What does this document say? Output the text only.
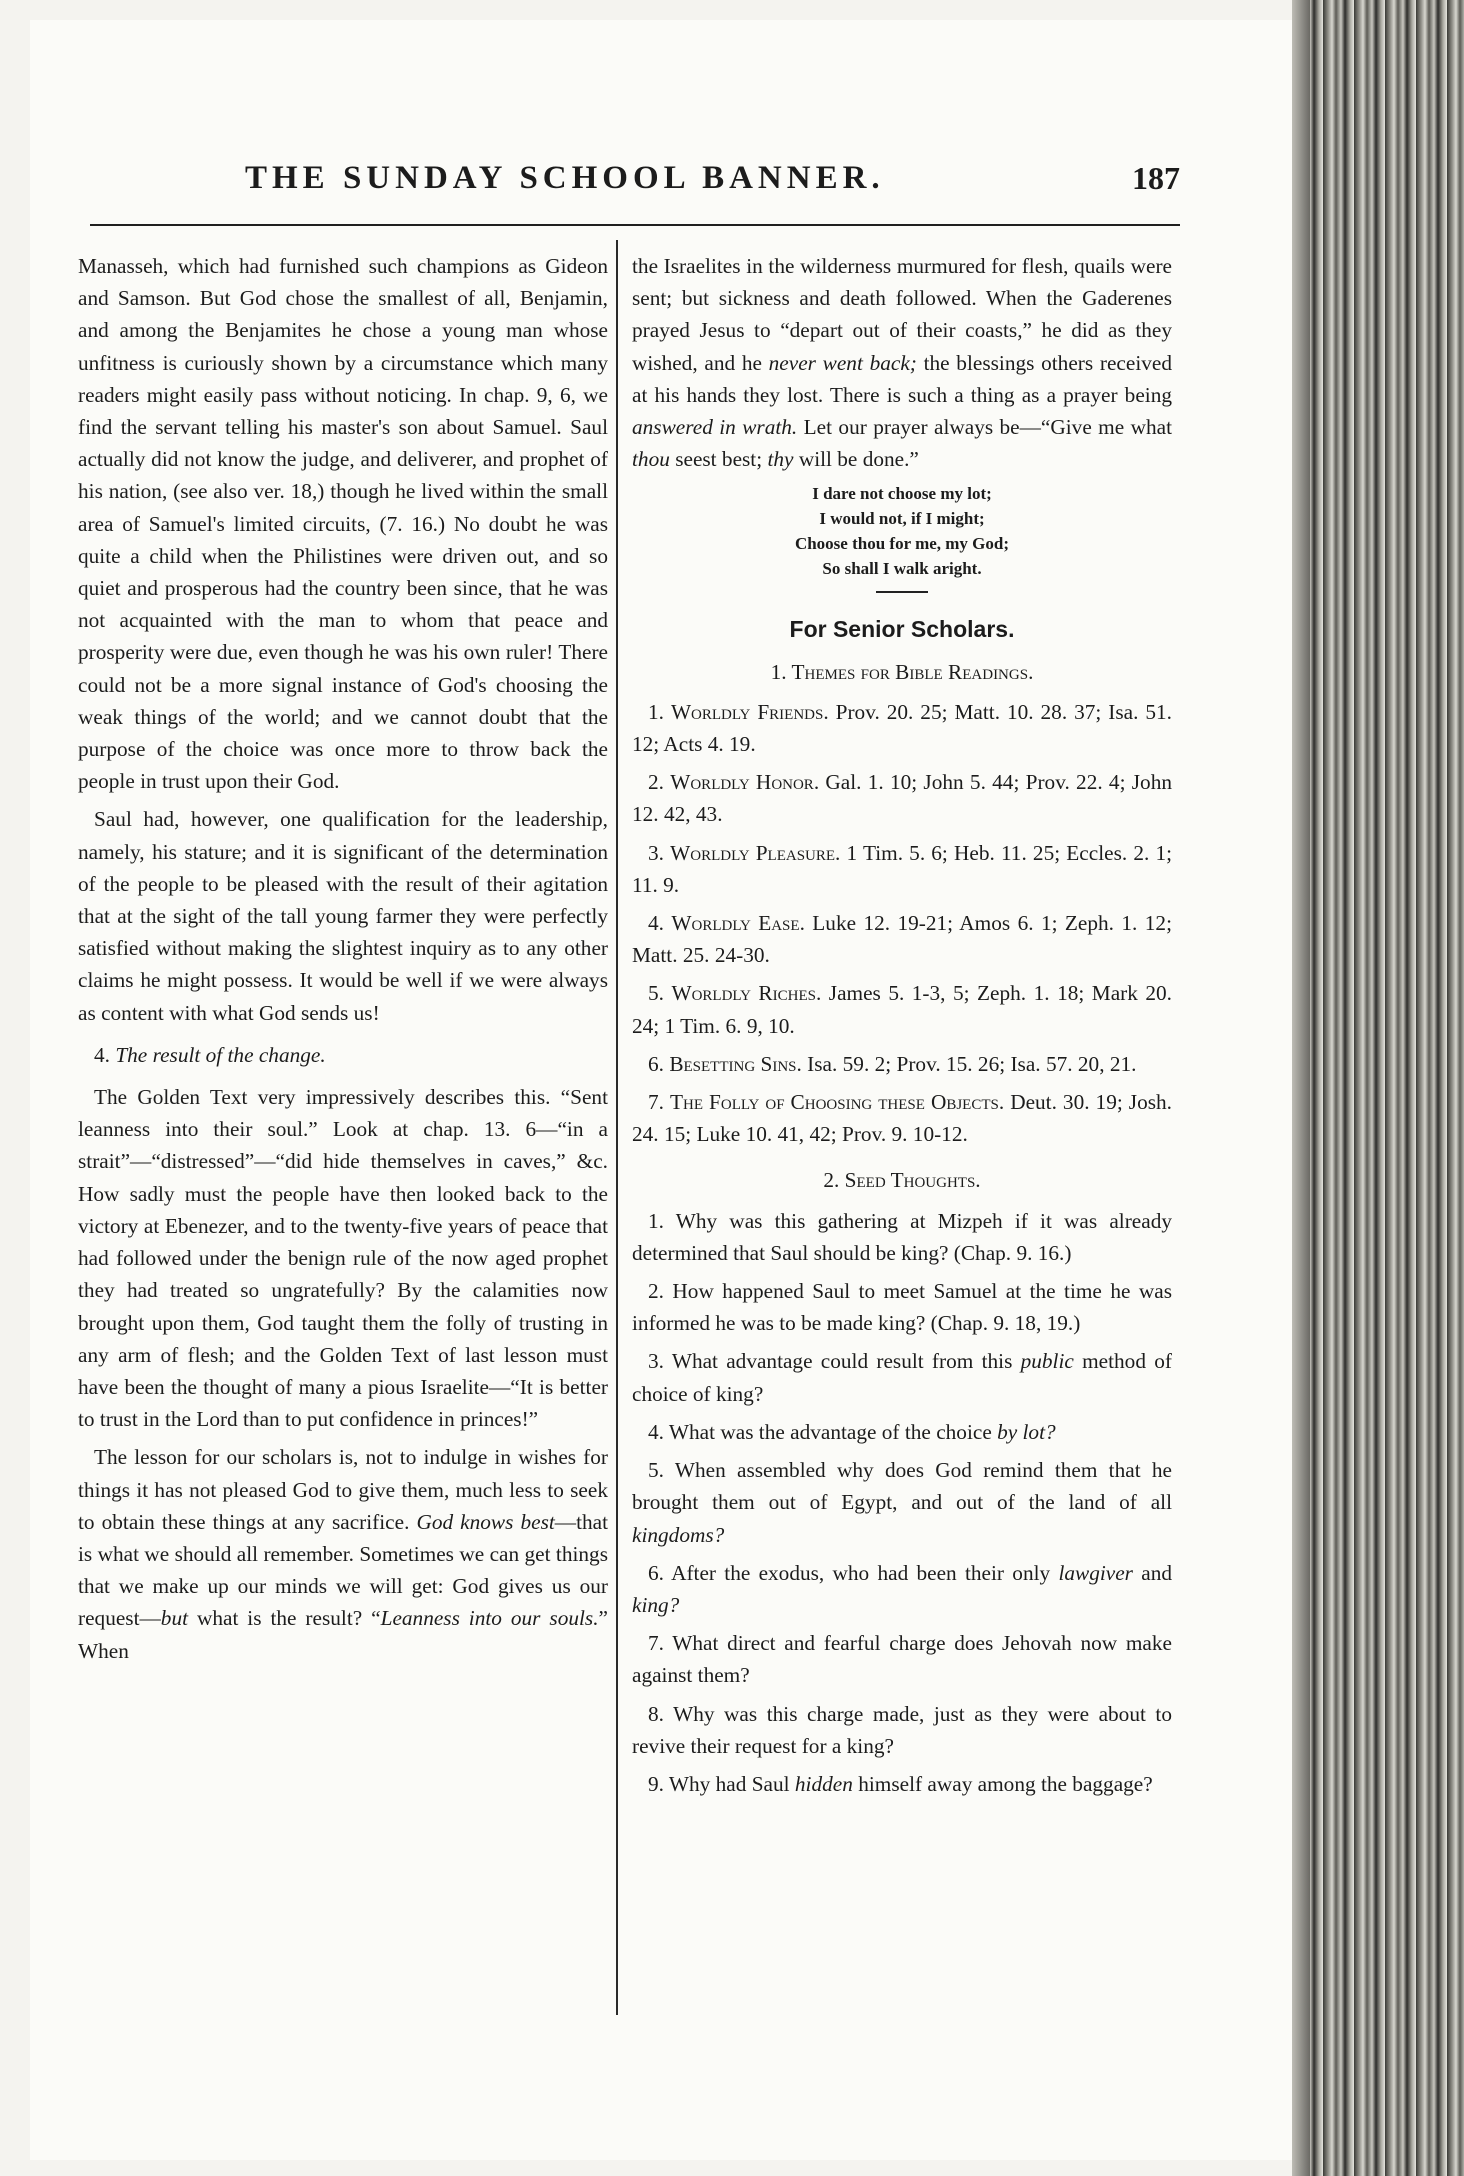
THE SUNDAY SCHOOL BANNER.	187

Manasseh, which had furnished such champions as Gideon and Samson. But God chose the smallest of all, Benjamin, and among the Benjamites he chose a young man whose unfitness is curiously shown by a circumstance which many readers might easily pass without noticing. In chap. 9, 6, we find the servant telling his master's son about Samuel. Saul actually did not know the judge, and deliverer, and prophet of his nation, (see also ver. 18,) though he lived within the small area of Samuel's limited circuits, (7. 16.) No doubt he was quite a child when the Philistines were driven out, and so quiet and prosperous had the country been since, that he was not acquainted with the man to whom that peace and prosperity were due, even though he was his own ruler! There could not be a more signal instance of God's choosing the weak things of the world; and we cannot doubt that the purpose of the choice was once more to throw back the people in trust upon their God.

Saul had, however, one qualification for the leadership, namely, his stature; and it is significant of the determination of the people to be pleased with the result of their agitation that at the sight of the tall young farmer they were perfectly satisfied without making the slightest inquiry as to any other claims he might possess. It would be well if we were always as content with what God sends us!

4. The result of the change.

The Golden Text very impressively describes this. “Sent leanness into their soul.” Look at chap. 13. 6—“in a strait”—“distressed”—“did hide themselves in caves,” &c. How sadly must the people have then looked back to the victory at Ebenezer, and to the twenty-five years of peace that had followed under the benign rule of the now aged prophet they had treated so ungratefully? By the calamities now brought upon them, God taught them the folly of trusting in any arm of flesh; and the Golden Text of last lesson must have been the thought of many a pious Israelite—“It is better to trust in the Lord than to put confidence in princes!”

The lesson for our scholars is, not to indulge in wishes for things it has not pleased God to give them, much less to seek to obtain these things at any sacrifice. God knows best—that is what we should all remember. Sometimes we can get things that we make up our minds we will get: God gives us our request—but what is the result? “Leanness into our souls.” When

the Israelites in the wilderness murmured for flesh, quails were sent; but sickness and death followed. When the Gaderenes prayed Jesus to “depart out of their coasts,” he did as they wished, and he never went back; the blessings others received at his hands they lost. There is such a thing as a prayer being answered in wrath. Let our prayer always be—“Give me what thou seest best; thy will be done.”

I dare not choose my lot;
I would not, if I might;
Choose thou for me, my God;
So shall I walk aright.
For Senior Scholars.
1. Themes for Bible Readings.

1. Worldly Friends. Prov. 20. 25; Matt. 10. 28. 37; Isa. 51. 12; Acts 4. 19.

2. Worldly Honor. Gal. 1. 10; John 5. 44; Prov. 22. 4; John 12. 42, 43.

3. Worldly Pleasure. 1 Tim. 5. 6; Heb. 11. 25; Eccles. 2. 1; 11. 9.

4. Worldly Ease. Luke 12. 19-21; Amos 6. 1; Zeph. 1. 12; Matt. 25. 24-30.

5. Worldly Riches. James 5. 1-3, 5; Zeph. 1. 18; Mark 20. 24; 1 Tim. 6. 9, 10.

6. Besetting Sins. Isa. 59. 2; Prov. 15. 26; Isa. 57. 20, 21.

7. The Folly of Choosing these Objects. Deut. 30. 19; Josh. 24. 15; Luke 10. 41, 42; Prov. 9. 10-12.

2. Seed Thoughts.

1. Why was this gathering at Mizpeh if it was already determined that Saul should be king? (Chap. 9. 16.)

2. How happened Saul to meet Samuel at the time he was informed he was to be made king? (Chap. 9. 18, 19.)

3. What advantage could result from this public method of choice of king?

4. What was the advantage of the choice by lot?

5. When assembled why does God remind them that he brought them out of Egypt, and out of the land of all kingdoms?

6. After the exodus, who had been their only lawgiver and king?

7. What direct and fearful charge does Jehovah now make against them?

8. Why was this charge made, just as they were about to revive their request for a king?

9. Why had Saul hidden himself away among the baggage?
